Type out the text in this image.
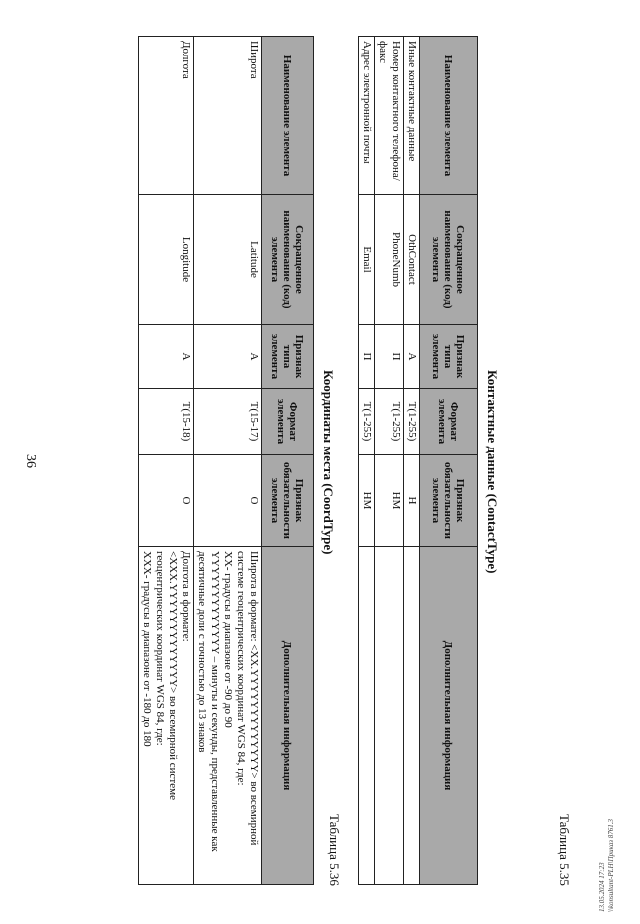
36
13.05.2024 17:23 \\konsultant-PLH\Приказ 8761.3
Таблица 5.35
Контактные данные (ContactType)
Наименование элемента	Сокращенное наименование (код) элемента	Признак типа элемента	Формат элемента	Признак обязательности элемента	Дополнительная информация
Иные контактные данные	OthContact	А	T(1-255)	Н	
Номер контактного телефона/факс	PhoneNumb	П	T(1-255)	НМ	
Адрес электронной почты	Email	П	T(1-255)	НМ	
Таблица 5.36
Координаты места (CoordType)
Наименование элемента	Сокращенное наименование (код) элемента	Признак типа элемента	Формат элемента	Признак обязательности элемента	Дополнительная информация
Широта	Latitude	А	T(15-17)	О	Широта в формате: <XX.YYYYYYYYYYYYY> во всемирной системе геоцентрических координат WGS 84, где:
XX- градусы в диапазоне от -90 до 90
YYYYYYYYYYYYY – минуты и секунды, представленные как десятичные доли с точностью до 13 знаков

Долгота	Longitude	А	T(15-18)	О	Долгота в формате:
<XXX.YYYYYYYYYYYYY> во всемирной системе геоцентрических координат WGS 84, где:
XXX- градусы в диапазоне от -180 до 180
